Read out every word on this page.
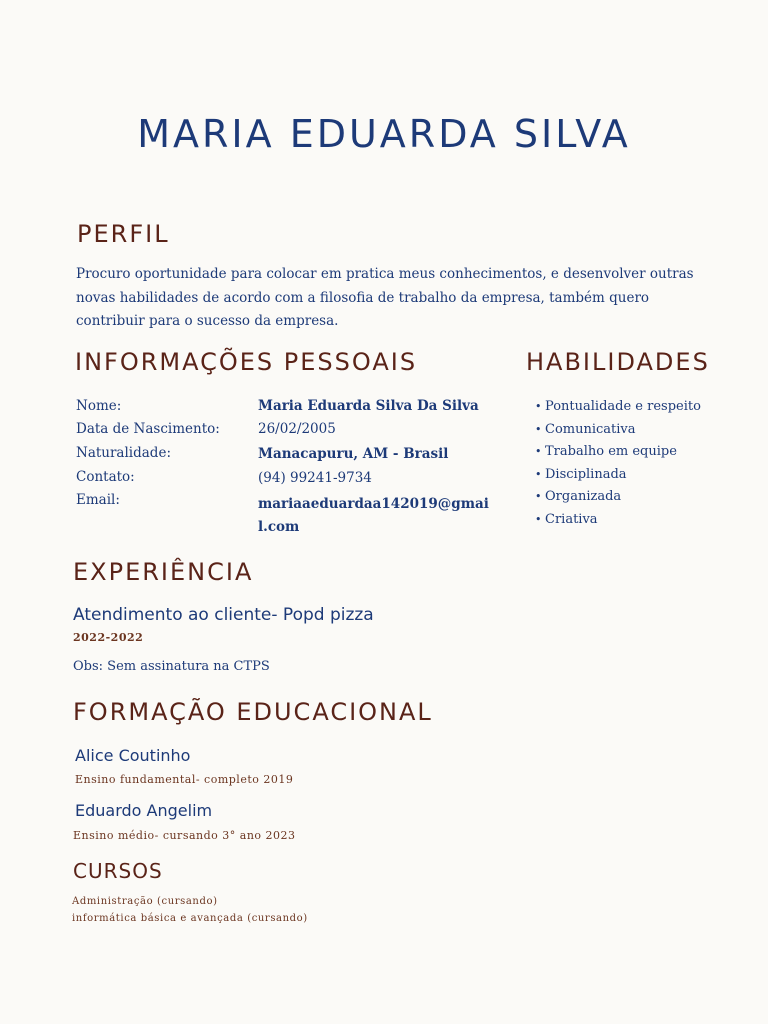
MARIA EDUARDA SILVA
PERFIL

Procuro oportunidade para colocar em pratica meus conhecimentos, e desenvolver outras novas habilidades de acordo com a filosofia de trabalho da empresa, também quero contribuir para o sucesso da empresa.

INFORMAÇÕES PESSOAIS	HABILIDADES
Nome:	Maria Eduarda Silva Da Silva
Data de Nascimento:	26/02/2005
Naturalidade:	Manacapuru, AM - Brasil
Contato:	(94) 99241-9734
Email:	mariaaeduardaa142019@gmai
l.com
• Pontualidade e respeito
• Comunicativa
• Trabalho em equipe
• Disciplinada
• Organizada
• Criativa
EXPERIÊNCIA

Atendimento ao cliente- Popd pizza

2022-2022

Obs: Sem assinatura na CTPS

FORMAÇÃO EDUCACIONAL

Alice Coutinho

Ensino fundamental- completo 2019

Eduardo Angelim

Ensino médio- cursando 3° ano 2023

CURSOS

Administração (cursando)

informática básica e avançada (cursando)
